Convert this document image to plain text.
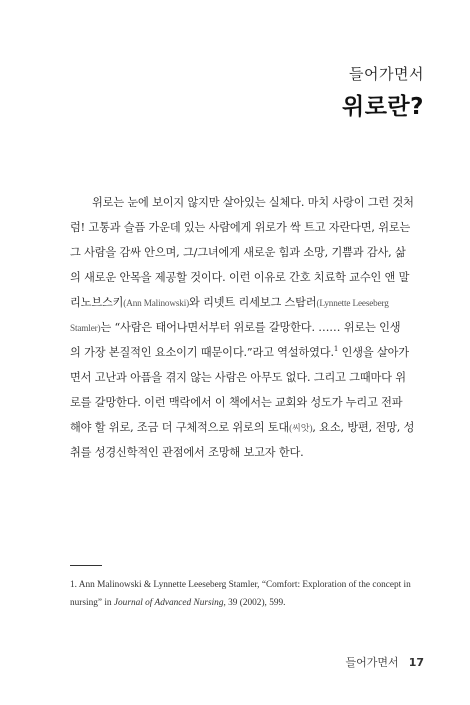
들어가면서
위로란?
위로는 눈에 보이지 않지만 살아있는 실체다. 마치 사랑이 그런 것처
럼! 고통과 슬픔 가운데 있는 사람에게 위로가 싹 트고 자란다면, 위로는
그 사람을 감싸 안으며, 그/그녀에게 새로운 힘과 소망, 기쁨과 감사, 삶
의 새로운 안목을 제공할 것이다. 이런 이유로 간호 치료학 교수인 앤 말
리노브스키(Ann Malinowski)와 리넷트 리세보그 스탐러(Lynnette Leeseberg
Stamler)는 “사람은 태어나면서부터 위로를 갈망한다. …… 위로는 인생
의 가장 본질적인 요소이기 때문이다.”라고 역설하였다.$^1$ 인생을 살아가
면서 고난과 아픔을 겪지 않는 사람은 아무도 없다. 그리고 그때마다 위
로를 갈망한다. 이런 맥락에서 이 책에서는 교회와 성도가 누리고 전파
해야 할 위로, 조금 더 구체적으로 위로의 토대(씨앗), 요소, 방편, 전망, 성
취를 성경신학적인 관점에서 조망해 보고자 한다.
1. Ann Malinowski & Lynnette Leeseberg Stamler, “Comfort: Exploration of the concept in
nursing” in Journal of Advanced Nursing, 39 (2002), 599.
들어가면서 17
